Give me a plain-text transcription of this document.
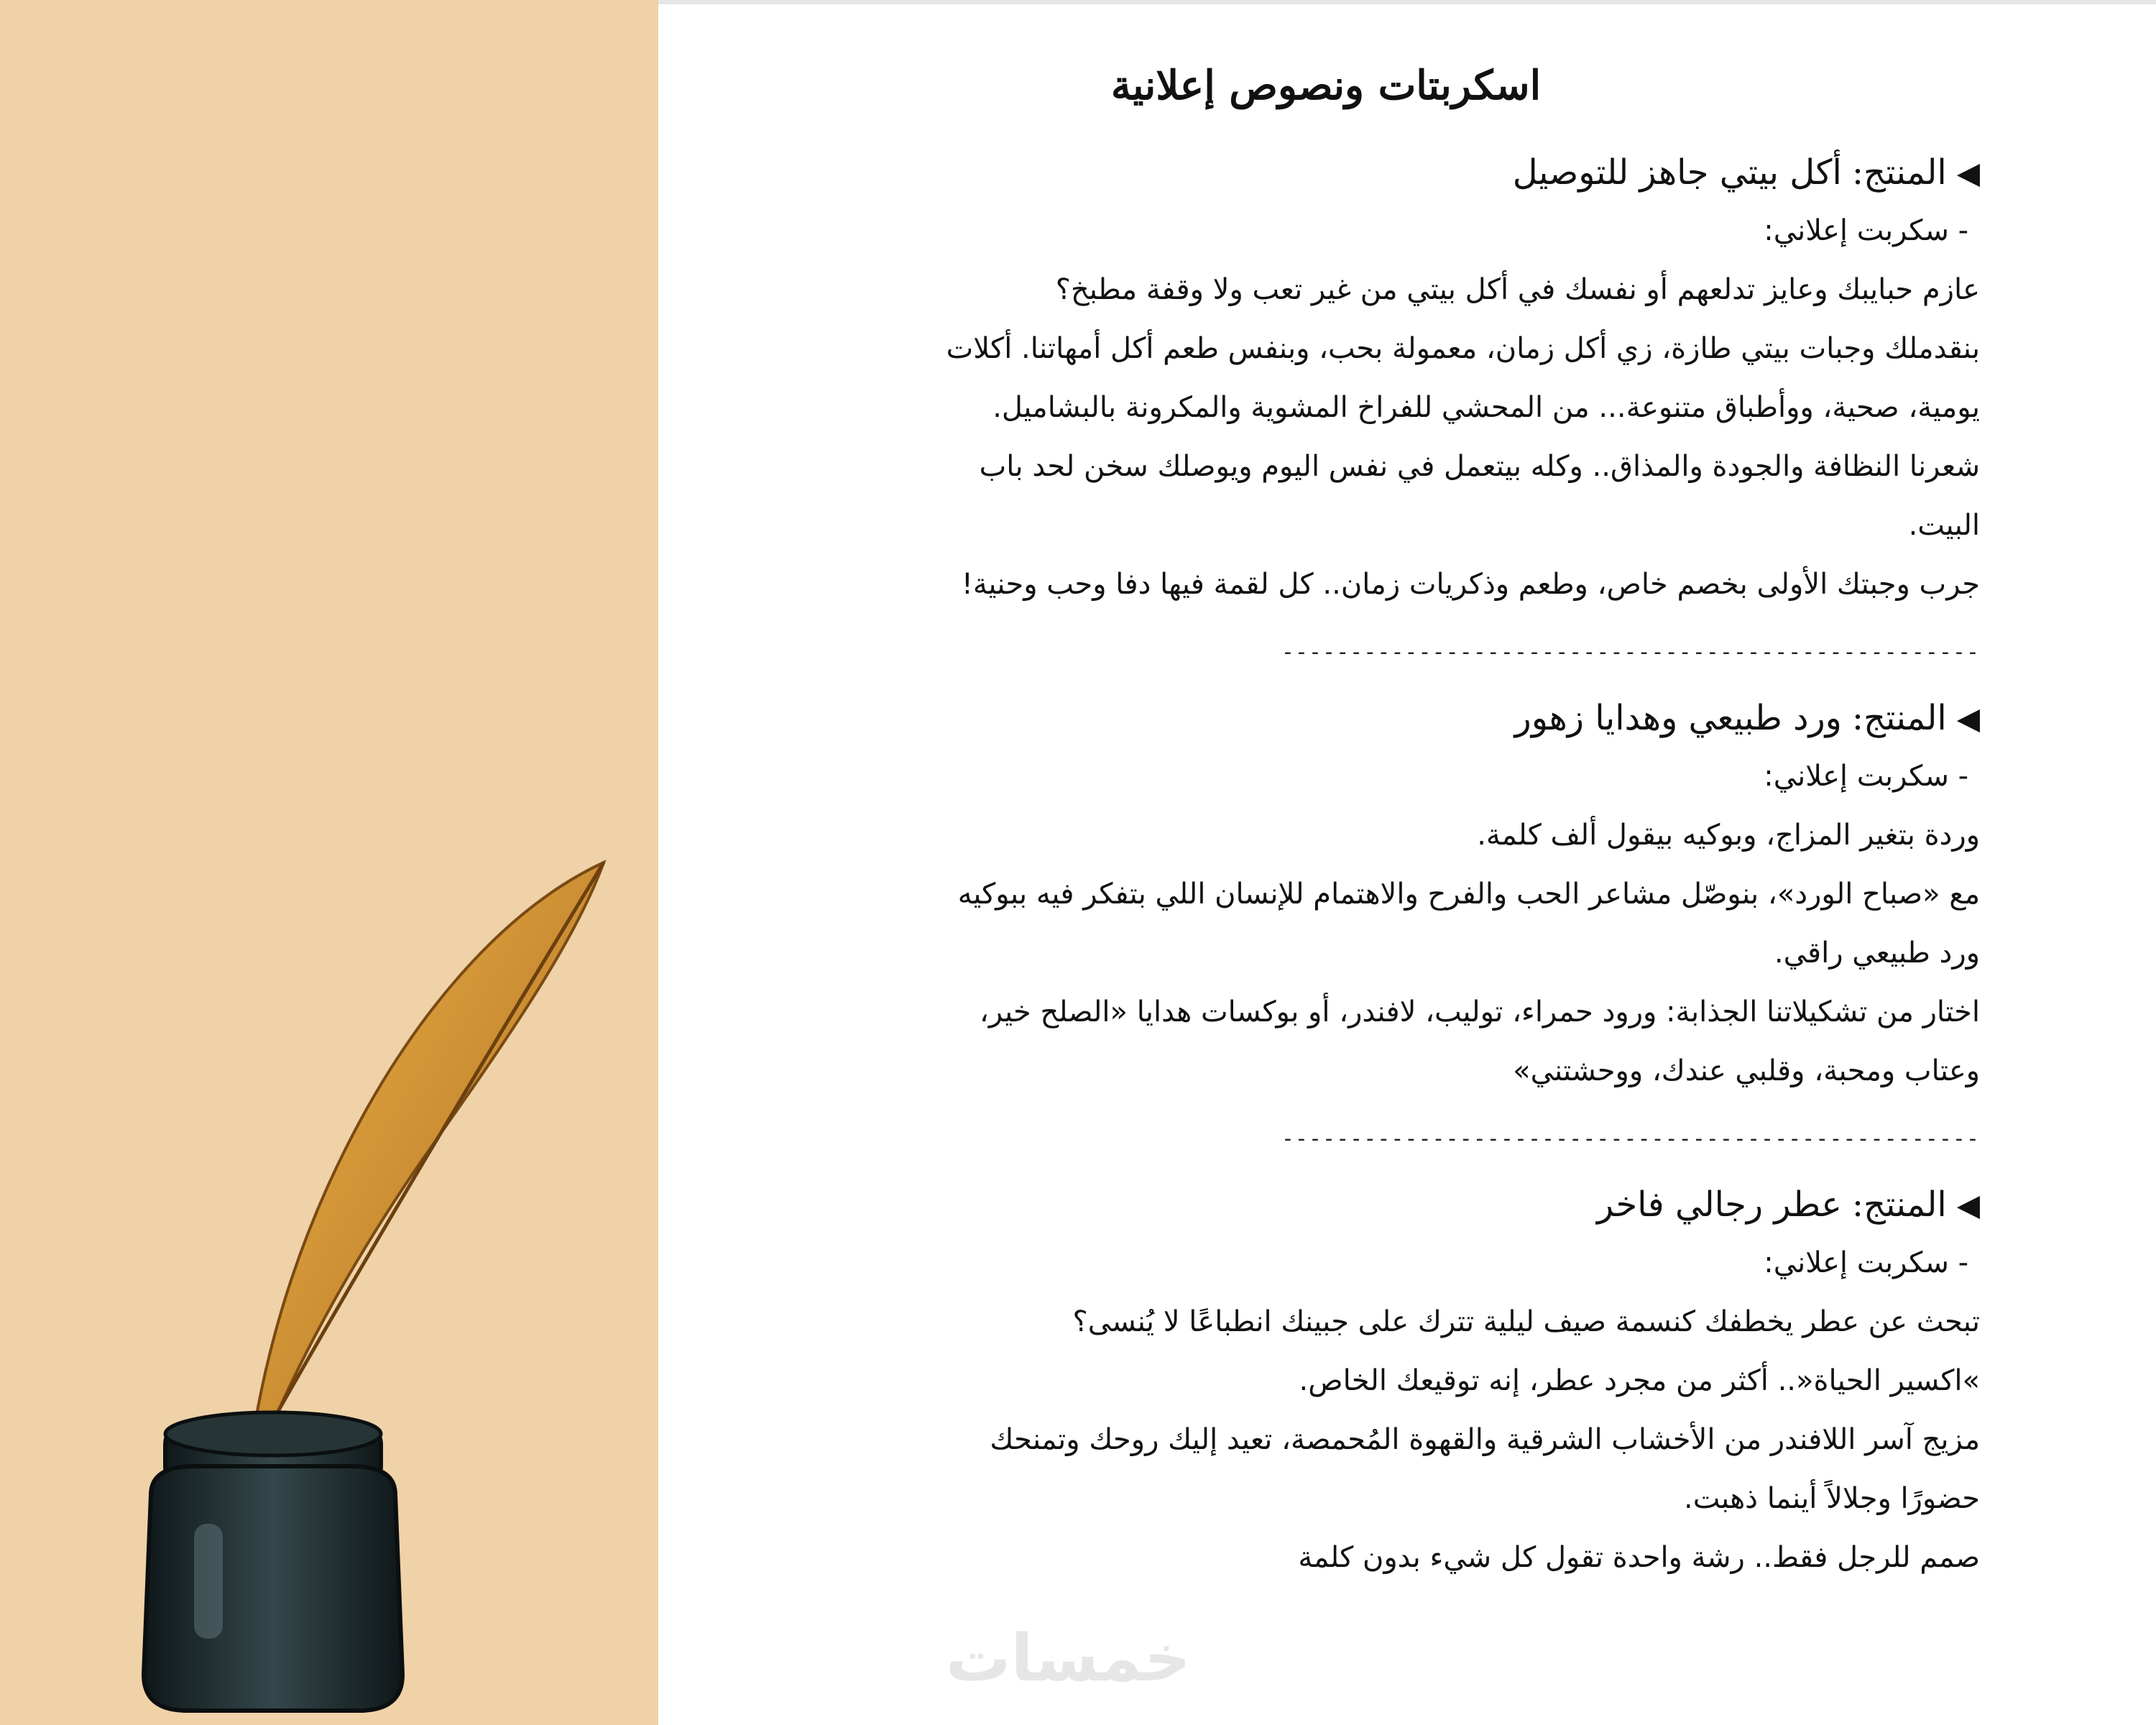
اسكربتات ونصوص إعلانية
◀
المنتج:
أكل بيتي جاهز للتوصيل

- سكربت إعلاني:

عازم حبايبك وعايز تدلعهم أو نفسك في أكل بيتي من غير تعب ولا وقفة مطبخ؟

بنقدملك وجبات بيتي طازة، زي أكل زمان، معمولة بحب، وبنفس طعم أكل أمهاتنا. أكلات

يومية، صحية، ووأطباق متنوعة... من المحشي للفراخ المشوية والمكرونة بالبشاميل.

شعرنا النظافة والجودة والمذاق.. وكله بيتعمل في نفس اليوم ويوصلك سخن لحد باب

البيت.

جرب وجبتك الأولى بخصم خاص، وطعم وذكريات زمان.. كل لقمة فيها دفا وحب وحنية!

---------------------------------------------------
◀
المنتج:
ورد طبيعي وهدايا زهور

- سكربت إعلاني:

وردة بتغير المزاج، وبوكيه بيقول ألف كلمة.

مع «صباح الورد»، بنوصّل مشاعر الحب والفرح والاهتمام للإنسان اللي بتفكر فيه ببوكيه

ورد طبيعي راقي.

اختار من تشكيلاتنا الجذابة: ورود حمراء، توليب، لافندر، أو بوكسات هدايا «الصلح خير،

وعتاب ومحبة، وقلبي عندك، ووحشتني»

---------------------------------------------------
◀
المنتج:
عطر رجالي فاخر

- سكربت إعلاني:

تبحث عن عطر يخطفك كنسمة صيف ليلية تترك على جبينك انطباعًا لا يُنسى؟

»اكسير الحياة«.. أكثر من مجرد عطر، إنه توقيعك الخاص.

مزيج آسر اللافندر من الأخشاب الشرقية والقهوة المُحمصة، تعيد إليك روحك وتمنحك

حضورًا وجلالاً أينما ذهبت.

صمم للرجل فقط.. رشة واحدة تقول كل شيء بدون كلمة

خمسات
